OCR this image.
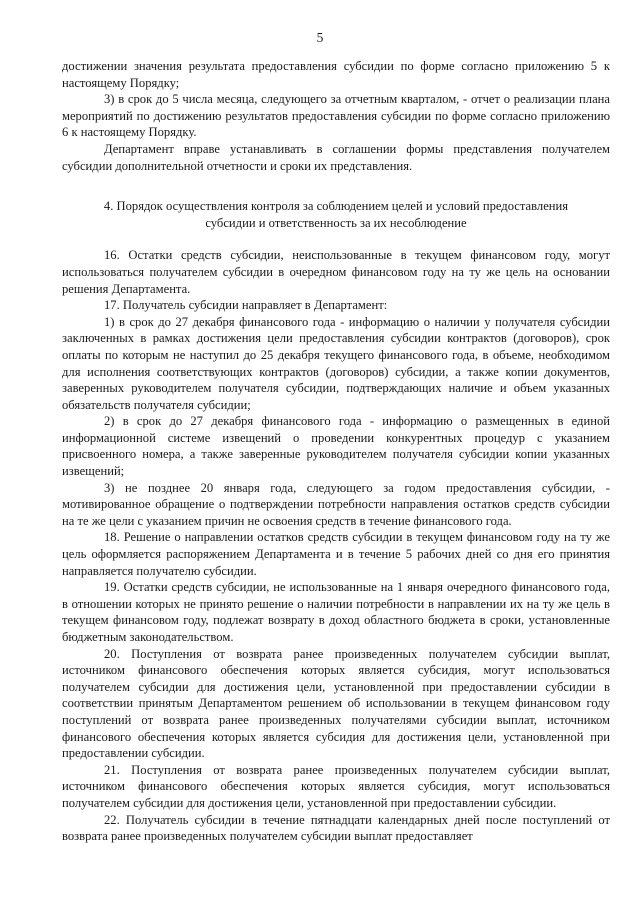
5

достижении значения результата предоставления субсидии по форме согласно приложению 5 к настоящему Порядку;

3) в срок до 5 числа месяца, следующего за отчетным кварталом, - отчет о реализации плана мероприятий по достижению результатов предоставления субсидии по форме согласно приложению 6 к настоящему Порядку.

Департамент вправе устанавливать в соглашении формы представления получателем субсидии дополнительной отчетности и сроки их представления.

4. Порядок осуществления контроля за соблюдением целей и условий предоставления субсидии и ответственность за их несоблюдение

16. Остатки средств субсидии, неиспользованные в текущем финансовом году, могут использоваться получателем субсидии в очередном финансовом году на ту же цель на основании решения Департамента.

17. Получатель субсидии направляет в Департамент:

1) в срок до 27 декабря финансового года - информацию о наличии у получателя субсидии заключенных в рамках достижения цели предоставления субсидии контрактов (договоров), срок оплаты по которым не наступил до 25 декабря текущего финансового года, в объеме, необходимом для исполнения соответствующих контрактов (договоров) субсидии, а также копии документов, заверенных руководителем получателя субсидии, подтверждающих наличие и объем указанных обязательств получателя субсидии;

2) в срок до 27 декабря финансового года - информацию о размещенных в единой информационной системе извещений о проведении конкурентных процедур с указанием присвоенного номера, а также заверенные руководителем получателя субсидии копии указанных извещений;

3) не позднее 20 января года, следующего за годом предоставления субсидии, - мотивированное обращение о подтверждении потребности направления остатков средств субсидии на те же цели с указанием причин не освоения средств в течение финансового года.

18. Решение о направлении остатков средств субсидии в текущем финансовом году на ту же цель оформляется распоряжением Департамента и в течение 5 рабочих дней со дня его принятия направляется получателю субсидии.

19. Остатки средств субсидии, не использованные на 1 января очередного финансового года, в отношении которых не принято решение о наличии потребности в направлении их на ту же цель в текущем финансовом году, подлежат возврату в доход областного бюджета в сроки, установленные бюджетным законодательством.

20. Поступления от возврата ранее произведенных получателем субсидии выплат, источником финансового обеспечения которых является субсидия, могут использоваться получателем субсидии для достижения цели, установленной при предоставлении субсидии в соответствии принятым Департаментом решением об использовании в текущем финансовом году поступлений от возврата ранее произведенных получателями субсидии выплат, источником финансового обеспечения которых является субсидия для достижения цели, установленной при предоставлении субсидии.

21. Поступления от возврата ранее произведенных получателем субсидии выплат, источником финансового обеспечения которых является субсидия, могут использоваться получателем субсидии для достижения цели, установленной при предоставлении субсидии.

22. Получатель субсидии в течение пятнадцати календарных дней после поступлений от возврата ранее произведенных получателем субсидии выплат предоставляет
